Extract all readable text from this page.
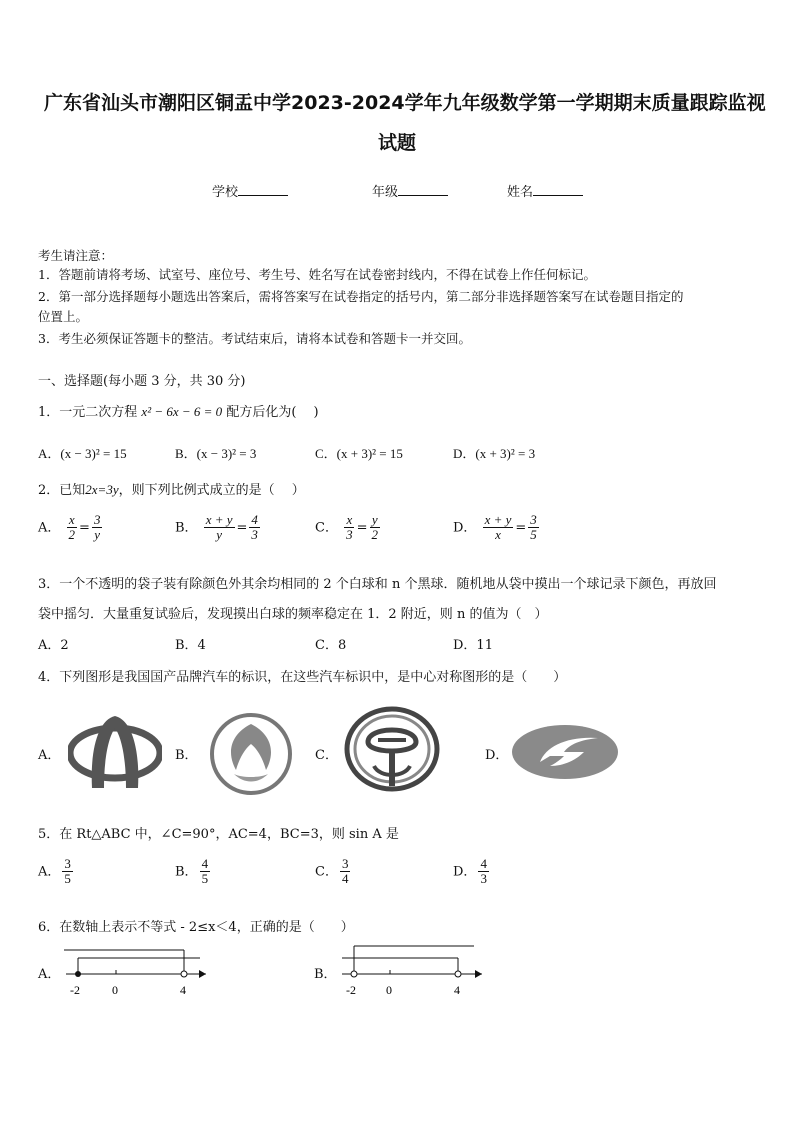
广东省汕头市潮阳区铜盂中学2023-2024学年九年级数学第一学期期末质量跟踪监视
试题
学校	年级	姓名
考生请注意：
1．答题前请将考场、试室号、座位号、考生号、姓名写在试卷密封线内，不得在试卷上作任何标记。
2．第一部分选择题每小题选出答案后，需将答案写在试卷指定的括号内，第二部分非选择题答案写在试卷题目指定的
位置上。
3．考生必须保证答题卡的整洁。考试结束后，请将本试卷和答题卡一并交回。
一、选择题(每小题 3 分，共 30 分)
1．一元二次方程 x² − 6x − 6 = 0 配方后化为(　 )
A．(x − 3)² = 15	B．(x − 3)² = 3	C．(x + 3)² = 15	D．(x + 3)² = 3
2．已知2x=3y，则下列比例式成立的是（　 ）
A． $\frac{x}{2} = \frac{3}{y}$	B． $\frac{x + y}{y} = \frac{4}{3}$	C． $\frac{x}{3} = \frac{y}{2}$	D． $\frac{x + y}{x} = \frac{3}{5}$
3．一个不透明的袋子装有除颜色外其余均相同的 2 个白球和 n 个黑球．随机地从袋中摸出一个球记录下颜色，再放回
袋中摇匀．大量重复试验后，发现摸出白球的频率稳定在 1．2 附近，则 n 的值为（　）
A．2	B．4	C．8	D．11
4．下列图形是我国国产品牌汽车的标识，在这些汽车标识中，是中心对称图形的是（　　）
A．	B．	C．	D．
5．在 Rt△ABC 中，∠C=90°，AC=4，BC=3，则 sin A 是
A． $\frac{3}{5}$	B． $\frac{4}{5}$	C． $\frac{3}{4}$	D． $\frac{4}{3}$
6．在数轴上表示不等式 - 2≤x＜4，正确的是（　　）
A．
-2	0	4
B．
-2	0	4
